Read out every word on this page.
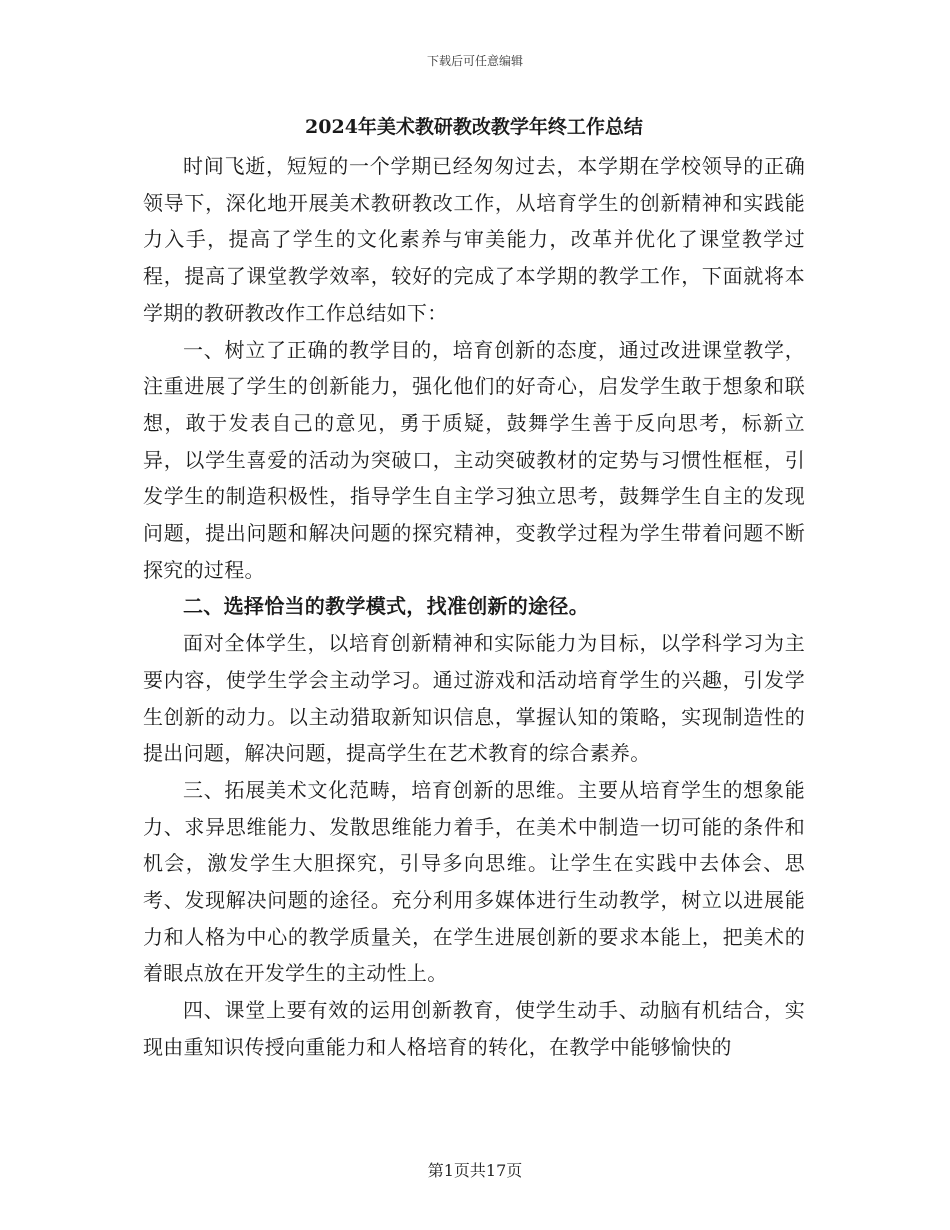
下载后可任意编辑
2024年美术教研教改教学年终工作总结

时间飞逝，短短的一个学期已经匆匆过去，本学期在学校领导的正确领导下，深化地开展美术教研教改工作，从培育学生的创新精神和实践能力入手，提高了学生的文化素养与审美能力，改革并优化了课堂教学过程，提高了课堂教学效率，较好的完成了本学期的教学工作，下面就将本学期的教研教改作工作总结如下：

一、树立了正确的教学目的，培育创新的态度，通过改进课堂教学，注重进展了学生的创新能力，强化他们的好奇心，启发学生敢于想象和联想，敢于发表自己的意见，勇于质疑，鼓舞学生善于反向思考，标新立异，以学生喜爱的活动为突破口，主动突破教材的定势与习惯性框框，引发学生的制造积极性，指导学生自主学习独立思考，鼓舞学生自主的发现问题，提出问题和解决问题的探究精神，变教学过程为学生带着问题不断探究的过程。

二、选择恰当的教学模式，找准创新的途径。

面对全体学生，以培育创新精神和实际能力为目标，以学科学习为主要内容，使学生学会主动学习。通过游戏和活动培育学生的兴趣，引发学生创新的动力。以主动猎取新知识信息，掌握认知的策略，实现制造性的提出问题，解决问题，提高学生在艺术教育的综合素养。

三、拓展美术文化范畴，培育创新的思维。主要从培育学生的想象能力、求异思维能力、发散思维能力着手，在美术中制造一切可能的条件和机会，激发学生大胆探究，引导多向思维。让学生在实践中去体会、思考、发现解决问题的途径。充分利用多媒体进行生动教学，树立以进展能力和人格为中心的教学质量关，在学生进展创新的要求本能上，把美术的着眼点放在开发学生的主动性上。

四、课堂上要有效的运用创新教育，使学生动手、动脑有机结合，实现由重知识传授向重能力和人格培育的转化，在教学中能够愉快的

第1页共17页
